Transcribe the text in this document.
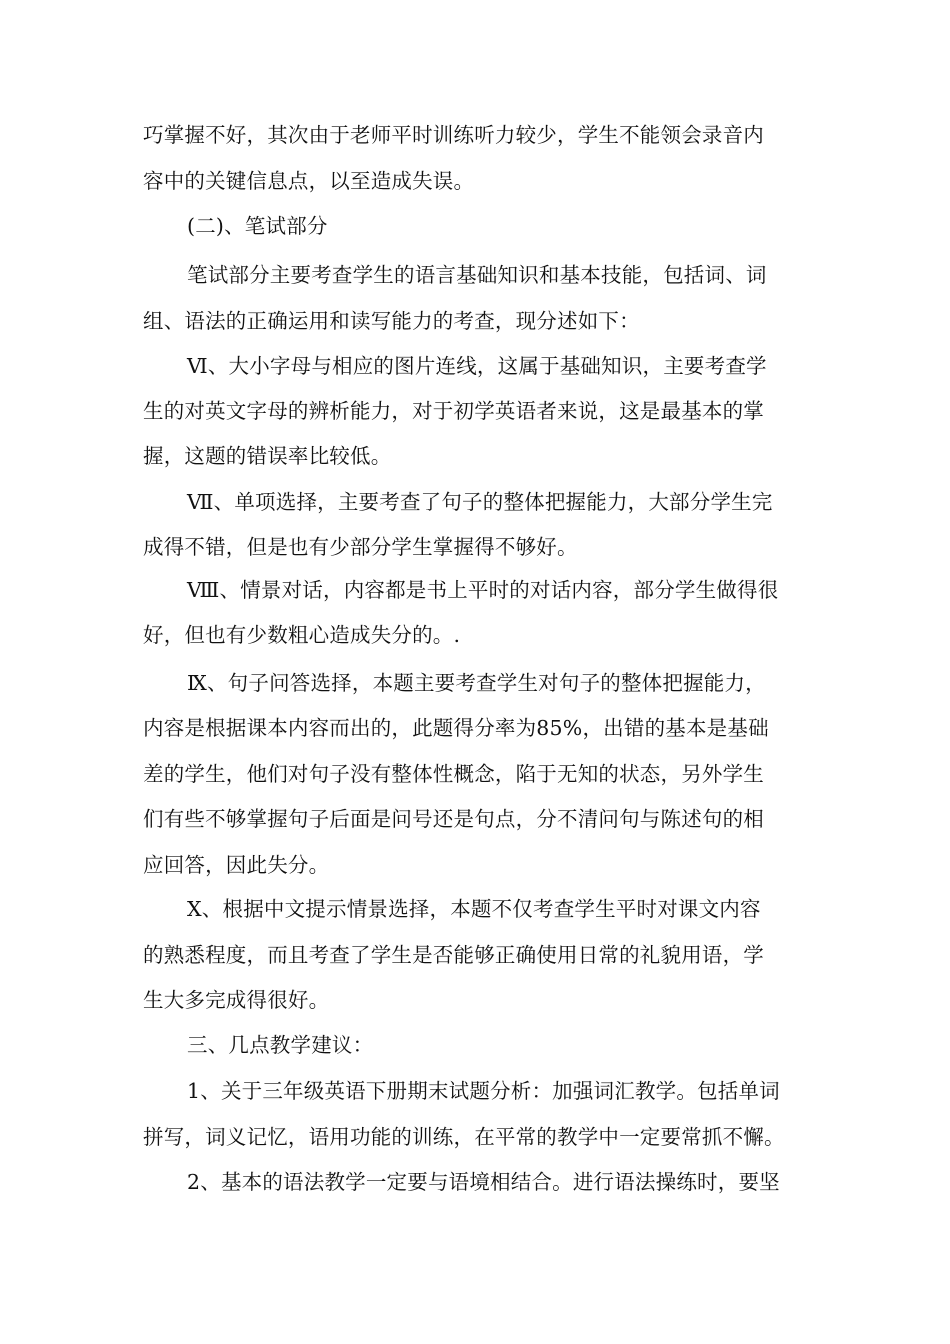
巧掌握不好，其次由于老师平时训练听力较少，学生不能领会录音内
容中的关键信息点，以至造成失误。
(二)、笔试部分
笔试部分主要考查学生的语言基础知识和基本技能，包括词、词
组、语法的正确运用和读写能力的考查，现分述如下：
Ⅵ、大小字母与相应的图片连线，这属于基础知识，主要考查学
生的对英文字母的辨析能力，对于初学英语者来说，这是最基本的掌
握，这题的错误率比较低。
Ⅶ、单项选择，主要考查了句子的整体把握能力，大部分学生完
成得不错，但是也有少部分学生掌握得不够好。
Ⅷ、情景对话，内容都是书上平时的对话内容，部分学生做得很
好，但也有少数粗心造成失分的。.
Ⅸ、句子问答选择，本题主要考查学生对句子的整体把握能力，
内容是根据课本内容而出的，此题得分率为85%，出错的基本是基础
差的学生，他们对句子没有整体性概念，陷于无知的状态，另外学生
们有些不够掌握句子后面是问号还是句点，分不清问句与陈述句的相
应回答，因此失分。
Ⅹ、根据中文提示情景选择，本题不仅考查学生平时对课文内容
的熟悉程度，而且考查了学生是否能够正确使用日常的礼貌用语，学
生大多完成得很好。
三、几点教学建议：
1、关于三年级英语下册期末试题分析：加强词汇教学。包括单词
拼写，词义记忆，语用功能的训练，在平常的教学中一定要常抓不懈。
2、基本的语法教学一定要与语境相结合。进行语法操练时，要坚
